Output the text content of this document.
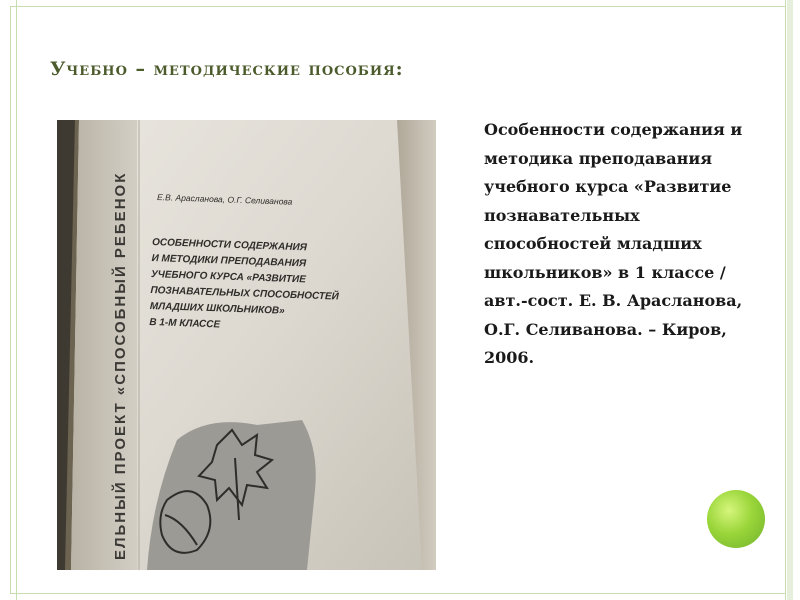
Учебно – методические пособия:
ЕЛЬНЫЙ ПРОЕКТ «СПОСОБНЫЙ РЕБЕНОК	Е.В. Арасланова, О.Г. Селиванова
ОСОБЕННОСТИ СОДЕРЖАНИЯ
И МЕТОДИКИ ПРЕПОДАВАНИЯ
УЧЕБНОГО КУРСА «РАЗВИТИЕ
ПОЗНАВАТЕЛЬНЫХ СПОСОБНОСТЕЙ
МЛАДШИХ ШКОЛЬНИКОВ»
В 1-М КЛАССЕ

Особенности содержания и методика преподавания учебного курса «Развитие познавательных способностей младших школьников» в 1 классе / авт.-сост. Е. В. Арасланова, О.Г. Селиванова. – Киров, 2006.
